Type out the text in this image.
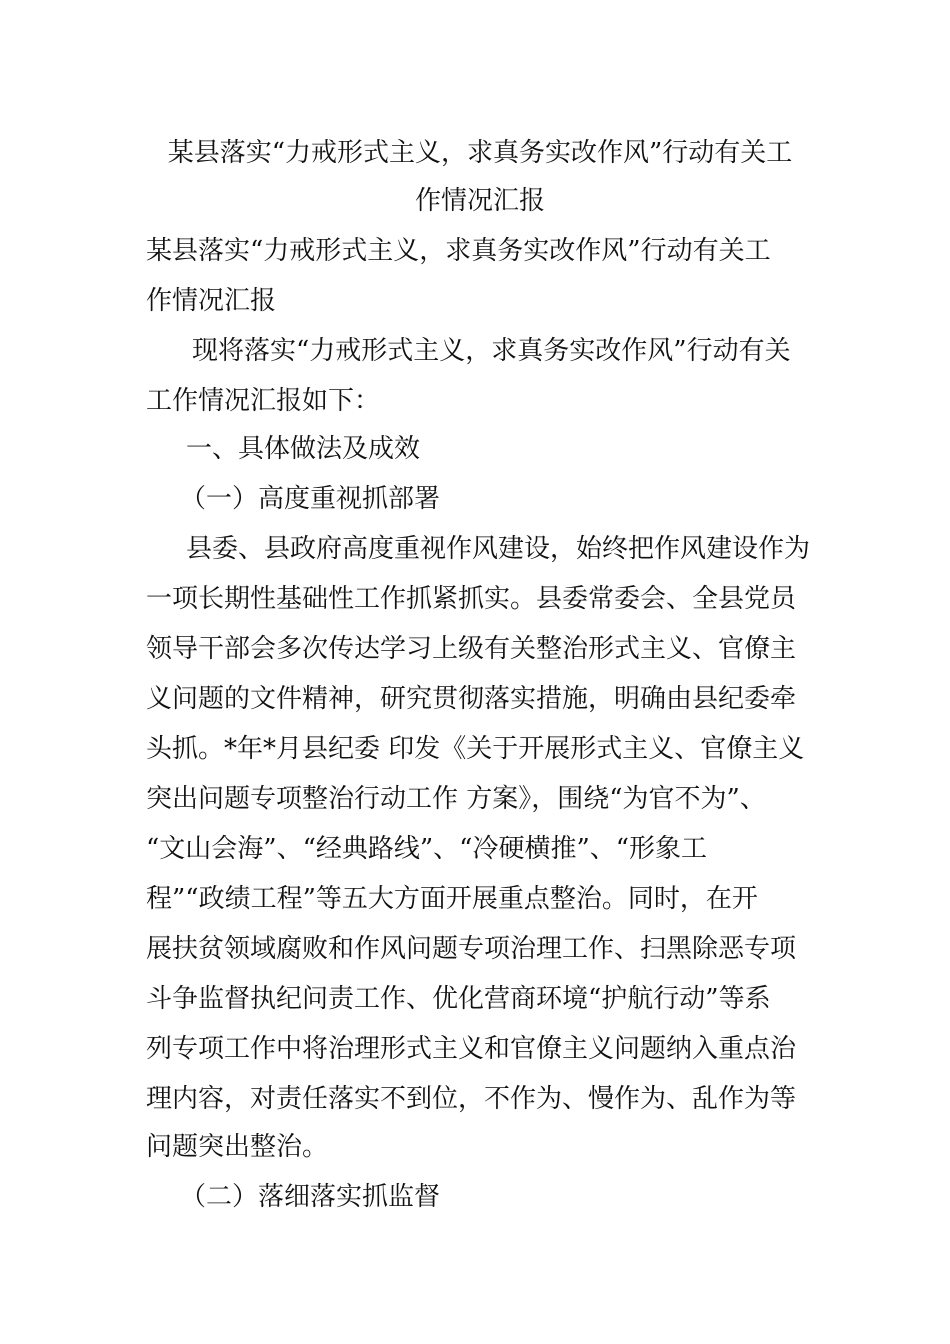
某县落实“力戒形式主义，求真务实改作风”行动有关工
作情况汇报
某县落实“力戒形式主义，求真务实改作风”行动有关工
作情况汇报
现将落实“力戒形式主义，求真务实改作风”行动有关
工作情况汇报如下：
一、具体做法及成效
（一）高度重视抓部署
县委、县政府高度重视作风建设，始终把作风建设作为
一项长期性基础性工作抓紧抓实。县委常委会、全县党员
领导干部会多次传达学习上级有关整治形式主义、官僚主
义问题的文件精神，研究贯彻落实措施，明确由县纪委牵
头抓。*年*月县纪委 印发《关于开展形式主义、官僚主义
突出问题专项整治行动工作 方案》，围绕“为官不为”、
“文山会海”、“经典路线”、“冷硬横推”、“形象工
程”“政绩工程”等五大方面开展重点整治。同时，在开
展扶贫领域腐败和作风问题专项治理工作、扫黑除恶专项
斗争监督执纪问责工作、优化营商环境“护航行动”等系
列专项工作中将治理形式主义和官僚主义问题纳入重点治
理内容，对责任落实不到位，不作为、慢作为、乱作为等
问题突出整治。
（二）落细落实抓监督
